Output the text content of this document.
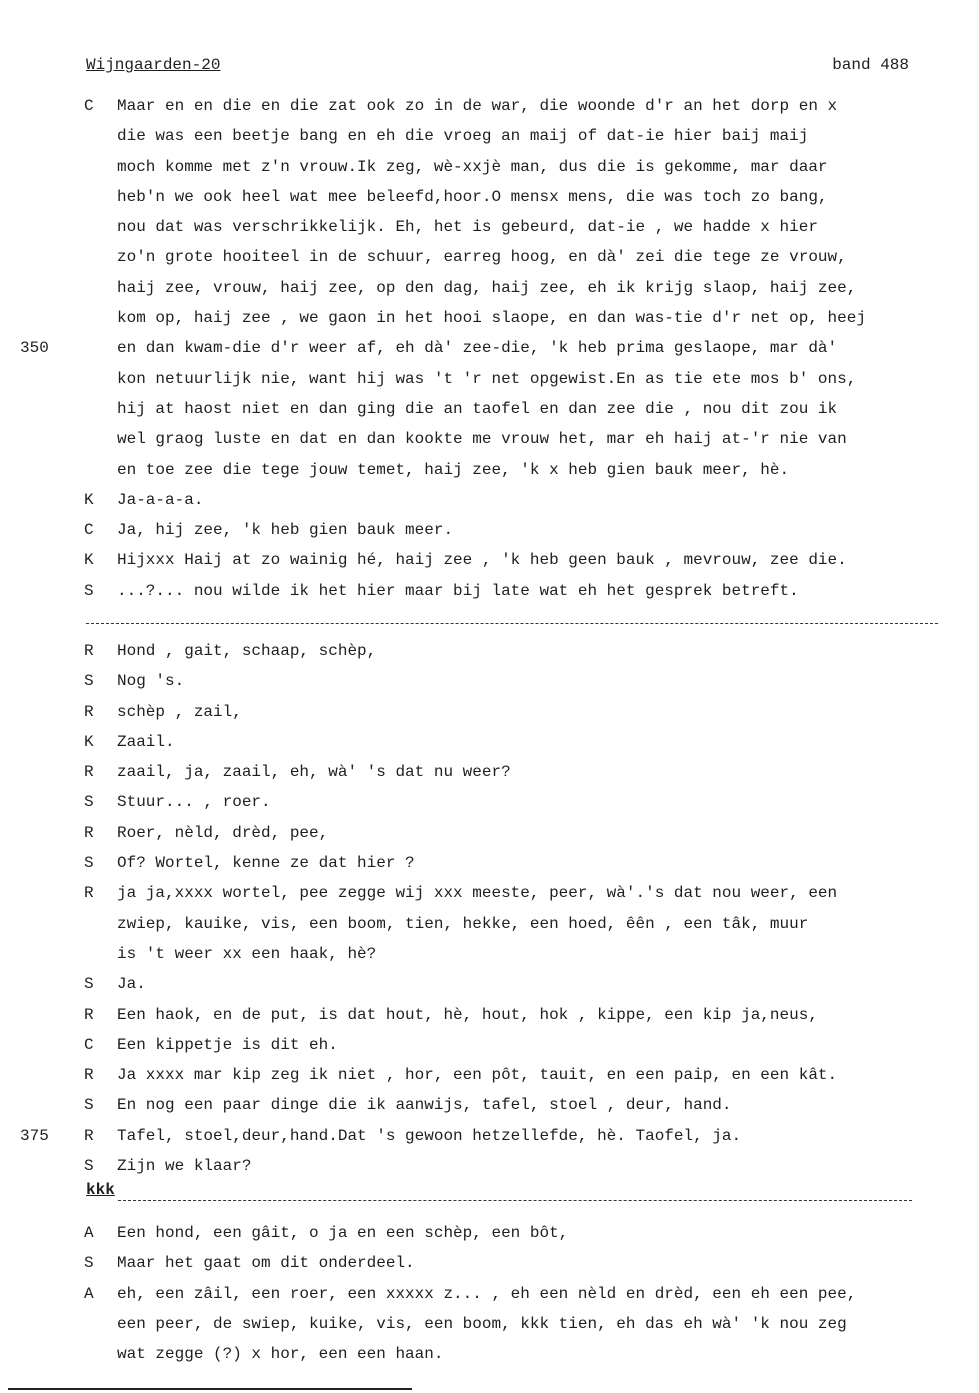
Wijngaarden-20	band 488
C Maar en en die en die zat ook zo in de war, die woonde d'r an het dorp en x
die was een beetje bang en eh die vroeg an maij of dat-ie hier baij maij
moch komme met z'n vrouw.Ik zeg, wè-xxjè man, dus die is gekomme, mar daar
heb'n we ook heel wat mee beleefd,hoor.O mensx mens, die was toch zo bang,
nou dat was verschrikkelijk. Eh, het is gebeurd, dat-ie , we hadde x hier
zo'n grote hooiteel in de schuur, earreg hoog, en dà' zei die tege ze vrouw,
haij zee, vrouw, haij zee, op den dag, haij zee, eh ik krijg slaop, haij zee,
kom op, haij zee , we gaon in het hooi slaope, en dan was-tie d'r net op, heej
350	en dan kwam-die d'r weer af, eh dà' zee-die, 'k heb prima geslaope, mar dà'
kon netuurlijk nie, want hij was 't 'r net opgewist.En as tie ete mos b' ons,
hij at haost niet en dan ging die an taofel en dan zee die , nou dit zou ik
wel graog luste en dat en dan kookte me vrouw het, mar eh haij at-'r nie van
en toe zee die tege jouw temet, haij zee, 'k x heb gien bauk meer, hè.
K Ja-a-a-a.
C Ja, hij zee, 'k heb gien bauk meer.
K Hijxxx Haij at zo wainig hé, haij zee , 'k heb geen bauk , mevrouw, zee die.
S ...?... nou wilde ik het hier maar bij late wat eh het gesprek betreft.
R Hond , gait, schaap, schèp,
S Nog 's.
R schèp , zail,
K Zaail.
R zaail, ja, zaail, eh, wà' 's dat nu weer?
S Stuur... , roer.
R Roer, nèld, drèd, pee,
S Of? Wortel, kenne ze dat hier ?
R ja ja,xxxx wortel, pee zegge wij xxx meeste, peer, wà'.'s dat nou weer, een
zwiep, kauike, vis, een boom, tien, hekke, een hoed, êên , een tâk, muur
is 't weer xx een haak, hè?
S Ja.
R Een haok, en de put, is dat hout, hè, hout, hok , kippe, een kip ja,neus,
C Een kippetje is dit eh.
R Ja xxxx mar kip zeg ik niet , hor, een pôt, tauit, en een paip, en een kât.
S En nog een paar dinge die ik aanwijs, tafel, stoel , deur, hand.
375 R Tafel, stoel,deur,hand.Dat 's gewoon hetzellefde, hè. Taofel, ja.
S Zijn we klaar?
kkk
A Een hond, een gâit, o ja en een schèp, een bôt,
S Maar het gaat om dit onderdeel.
A eh, een zâil, een roer, een xxxxx z... , eh een nèld en drèd, een eh een pee,
een peer, de swiep, kuike, vis, een boom, kkk tien, eh das eh wà' 'k nou zeg
wat zegge (?) x hor, een een haan.
